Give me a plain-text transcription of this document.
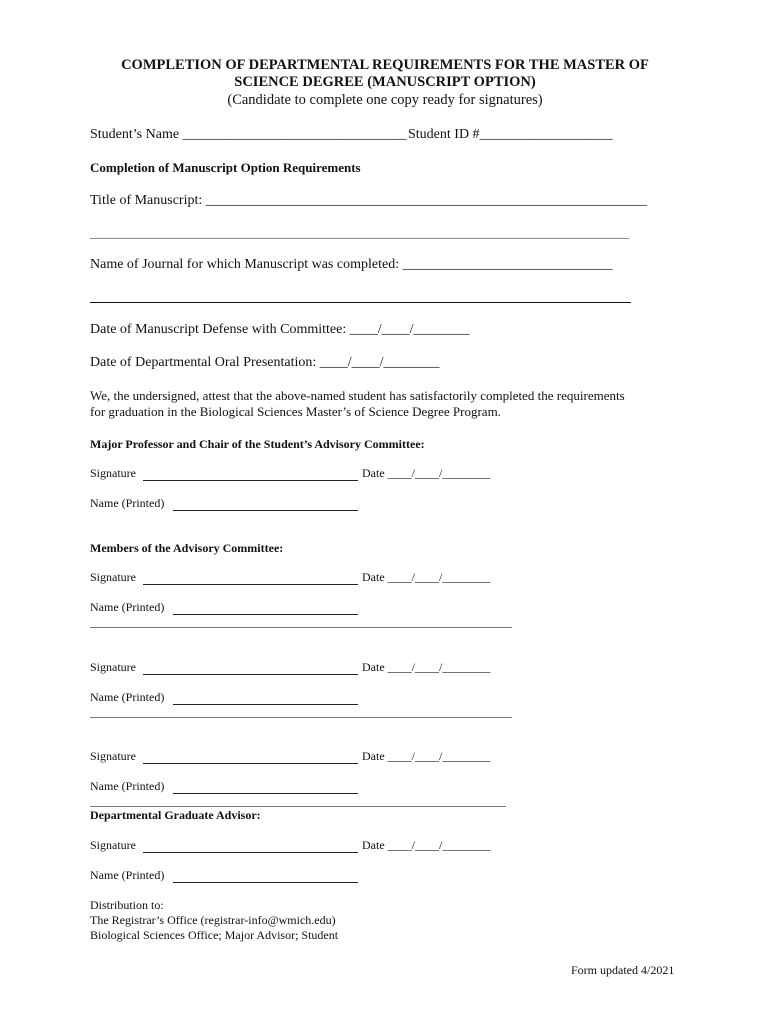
COMPLETION OF DEPARTMENTAL REQUIREMENTS FOR THE MASTER OF
SCIENCE DEGREE (MANUSCRIPT OPTION)
(Candidate to complete one copy ready for signatures)
Student’s Name ________________________________ Student ID #___________________
Completion of Manuscript Option Requirements
Title of Manuscript: _______________________________________________________________
_____________________________________________________________________________
Name of Journal for which Manuscript was completed: ______________________________
Date of Manuscript Defense with Committee: ____/____/________
Date of Departmental Oral Presentation: ____/____/________
We, the undersigned, attest that the above-named student has satisfactorily completed the requirements
for graduation in the Biological Sciences Master’s of Science Degree Program.
Major Professor and Chair of the Student’s Advisory Committee:
Signature	Date ____/____/________
Name (Printed)
Members of the Advisory Committee:
Signature	Date ____/____/________
Name (Printed)
Signature	Date ____/____/________
Name (Printed)
Signature	Date ____/____/________
Name (Printed)
Departmental Graduate Advisor:
Signature	Date ____/____/________
Name (Printed)
Distribution to:
The Registrar’s Office (registrar-info@wmich.edu)
Biological Sciences Office; Major Advisor; Student
Form updated 4/2021
